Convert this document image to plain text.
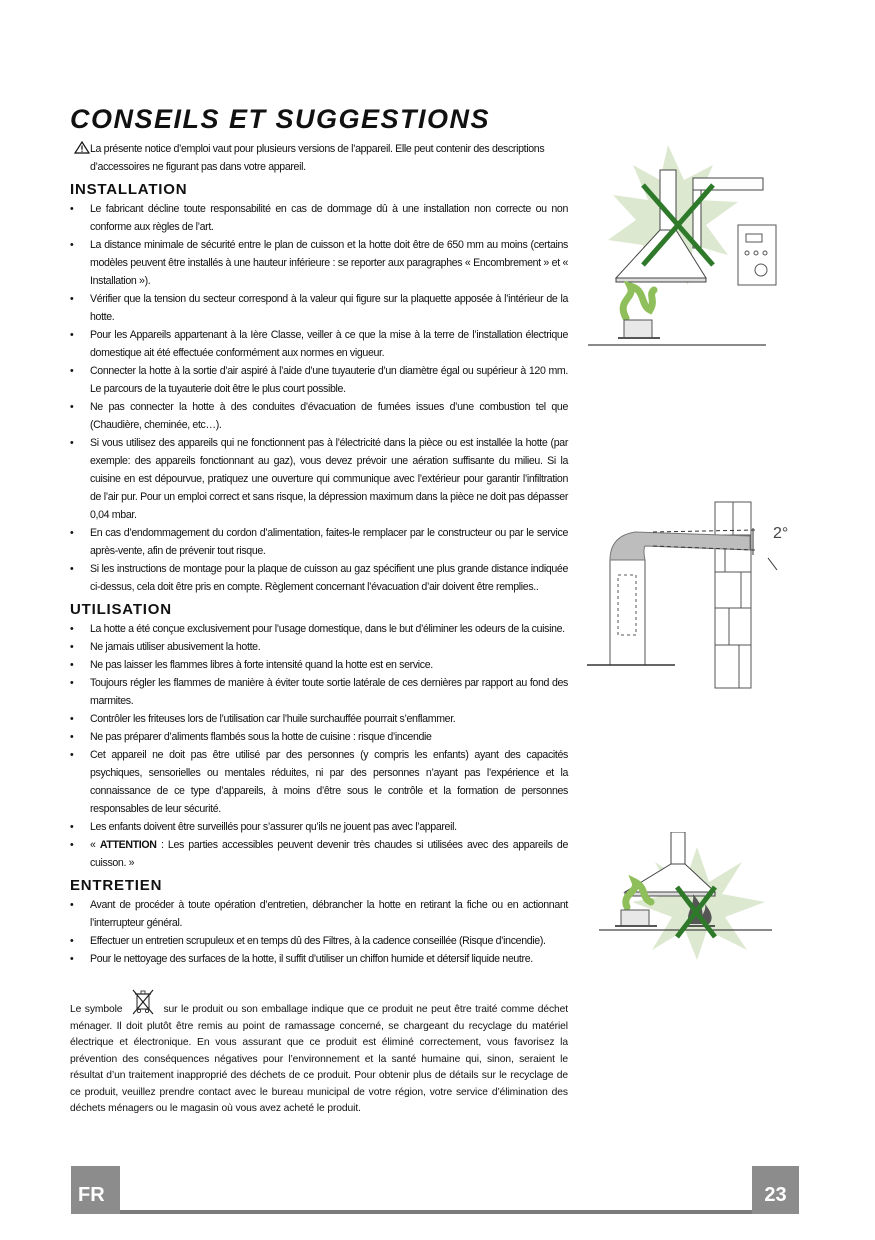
CONSEILS ET SUGGESTIONS

La présente notice d’emploi vaut pour plusieurs versions de l’appareil. Elle peut contenir des descriptions d’accessoires ne figurant pas dans votre appareil.

INSTALLATION
• Le fabricant décline toute responsabilité en cas de dommage dû à une installation non correcte ou non conforme aux règles de l’art.
• La distance minimale de sécurité entre le plan de cuisson et la hotte doit être de 650 mm au moins (certains modèles peuvent être installés à une hauteur inférieure : se reporter aux paragraphes « Encombrement » et « Installation »).
• Vérifier que la tension du secteur correspond à la valeur qui figure sur la plaquette apposée à l’intérieur de la hotte.
• Pour les Appareils appartenant à la Ière Classe, veiller à ce que la mise à la terre de l’installation électrique domestique ait été effectuée conformément aux normes en vigueur.
• Connecter la hotte à la sortie d’air aspiré à l’aide d’une tuyauterie d’un diamètre égal ou supérieur à 120 mm. Le parcours de la tuyauterie doit être le plus court possible.
• Ne pas connecter la hotte à des conduites d’évacuation de fumées issues d’une combustion tel que (Chaudière, cheminée, etc…).
• Si vous utilisez des appareils qui ne fonctionnent pas à l’électricité dans la pièce ou est installée la hotte (par exemple: des appareils fonctionnant au gaz), vous devez prévoir une aération suffisante du milieu. Si la cuisine en est dépourvue, pratiquez une ouverture qui communique avec l’extérieur pour garantir l’infiltration de l’air pur. Pour un emploi correct et sans risque, la dépression maximum dans la pièce ne doit pas dépasser 0,04 mbar.
• En cas d’endommagement du cordon d’alimentation, faites-le remplacer par le constructeur ou par le service après-vente, afin de prévenir tout risque.
• Si les instructions de montage pour la plaque de cuisson au gaz spécifient une plus grande distance indiquée ci-dessus, cela doit être pris en compte. Règlement concernant l’évacuation d’air doivent être remplies..
UTILISATION
• La hotte a été conçue exclusivement pour l’usage domestique, dans le but d’éliminer les odeurs de la cuisine.
• Ne jamais utiliser abusivement la hotte.
• Ne pas laisser les flammes libres à forte intensité quand la hotte est en service.
• Toujours régler les flammes de manière à éviter toute sortie latérale de ces dernières par rapport au fond des marmites.
• Contrôler les friteuses lors de l’utilisation car l’huile surchauffée pourrait s’enflammer.
• Ne pas préparer d’aliments flambés sous la hotte de cuisine : risque d’incendie
• Cet appareil ne doit pas être utilisé par des personnes (y compris les enfants) ayant des capacités psychiques, sensorielles ou mentales réduites, ni par des personnes n’ayant pas l’expérience et la connaissance de ce type d’appareils, à moins d’être sous le contrôle et la formation de personnes responsables de leur sécurité.
• Les enfants doivent être surveillés pour s’assurer qu’ils ne jouent pas avec l’appareil.
• « ATTENTION : Les parties accessibles peuvent devenir très chaudes si utilisées avec des appareils de cuisson. »
ENTRETIEN
• Avant de procéder à toute opération d’entretien, débrancher la hotte en retirant la fiche ou en actionnant l’interrupteur général.
• Effectuer un entretien scrupuleux et en temps dû des Filtres, à la cadence conseillée (Risque d’incendie).
• Pour le nettoyage des surfaces de la hotte, il suffit d’utiliser un chiffon humide et détersif liquide neutre.

Le symbole	sur le produit ou son emballage indique que ce produit ne peut être traité comme déchet ménager. Il doit plutôt être remis au point de ramassage concerné, se chargeant du recyclage du matériel électrique et électronique. En vous assurant que ce produit est éliminé correctement, vous favorisez la prévention des conséquences négatives pour l’environnement et la santé humaine qui, sinon, seraient le résultat d’un traitement inapproprié des déchets de ce produit. Pour obtenir plus de détails sur le recyclage de ce produit, veuillez prendre contact avec le bureau municipal de votre région, votre service d’élimination des déchets ménagers ou le magasin où vous avez acheté le produit.

2°
FR	23
